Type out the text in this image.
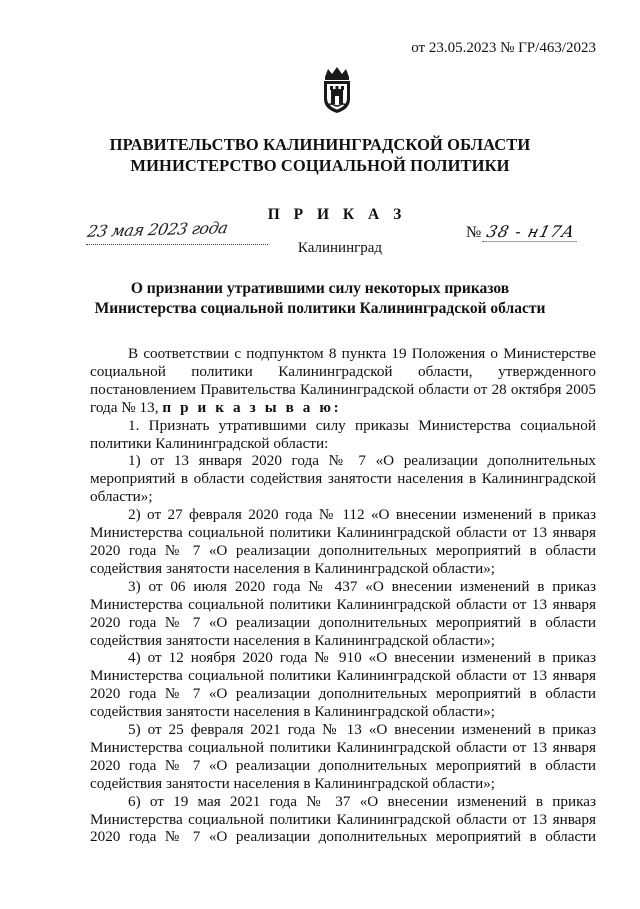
от 23.05.2023 № ГР/463/2023
ПРАВИТЕЛЬСТВО КАЛИНИНГРАДСКОЙ ОБЛАСТИ
МИНИСТЕРСТВО СОЦИАЛЬНОЙ ПОЛИТИКИ
П Р И К А З
23 мая 2023 года	№ 38 - н17А
Калининград
О признании утратившими силу некоторых приказов
Министерства социальной политики Калининградской области

В соответствии с подпунктом 8 пункта 19 Положения о Министерстве социальной политики Калининградской области, утвержденного постановлением Правительства Калининградской области от 28 октября 2005 года № 13, п р и к а з ы в а ю:

1. Признать утратившими силу приказы Министерства социальной политики Калининградской области:

1) от 13 января 2020 года № 7 «О реализации дополнительных мероприятий в области содействия занятости населения в Калининградской области»;

2) от 27 февраля 2020 года № 112 «О внесении изменений в приказ Министерства социальной политики Калининградской области от 13 января 2020 года № 7 «О реализации дополнительных мероприятий в области содействия занятости населения в Калининградской области»;

3) от 06 июля 2020 года № 437 «О внесении изменений в приказ Министерства социальной политики Калининградской области от 13 января 2020 года № 7 «О реализации дополнительных мероприятий в области содействия занятости населения в Калининградской области»;

4) от 12 ноября 2020 года № 910 «О внесении изменений в приказ Министерства социальной политики Калининградской области от 13 января 2020 года № 7 «О реализации дополнительных мероприятий в области содействия занятости населения в Калининградской области»;

5) от 25 февраля 2021 года № 13 «О внесении изменений в приказ Министерства социальной политики Калининградской области от 13 января 2020 года № 7 «О реализации дополнительных мероприятий в области содействия занятости населения в Калининградской области»;

6) от 19 мая 2021 года № 37 «О внесении изменений в приказ Министерства социальной политики Калининградской области от 13 января 2020 года № 7 «О реализации дополнительных мероприятий в области
